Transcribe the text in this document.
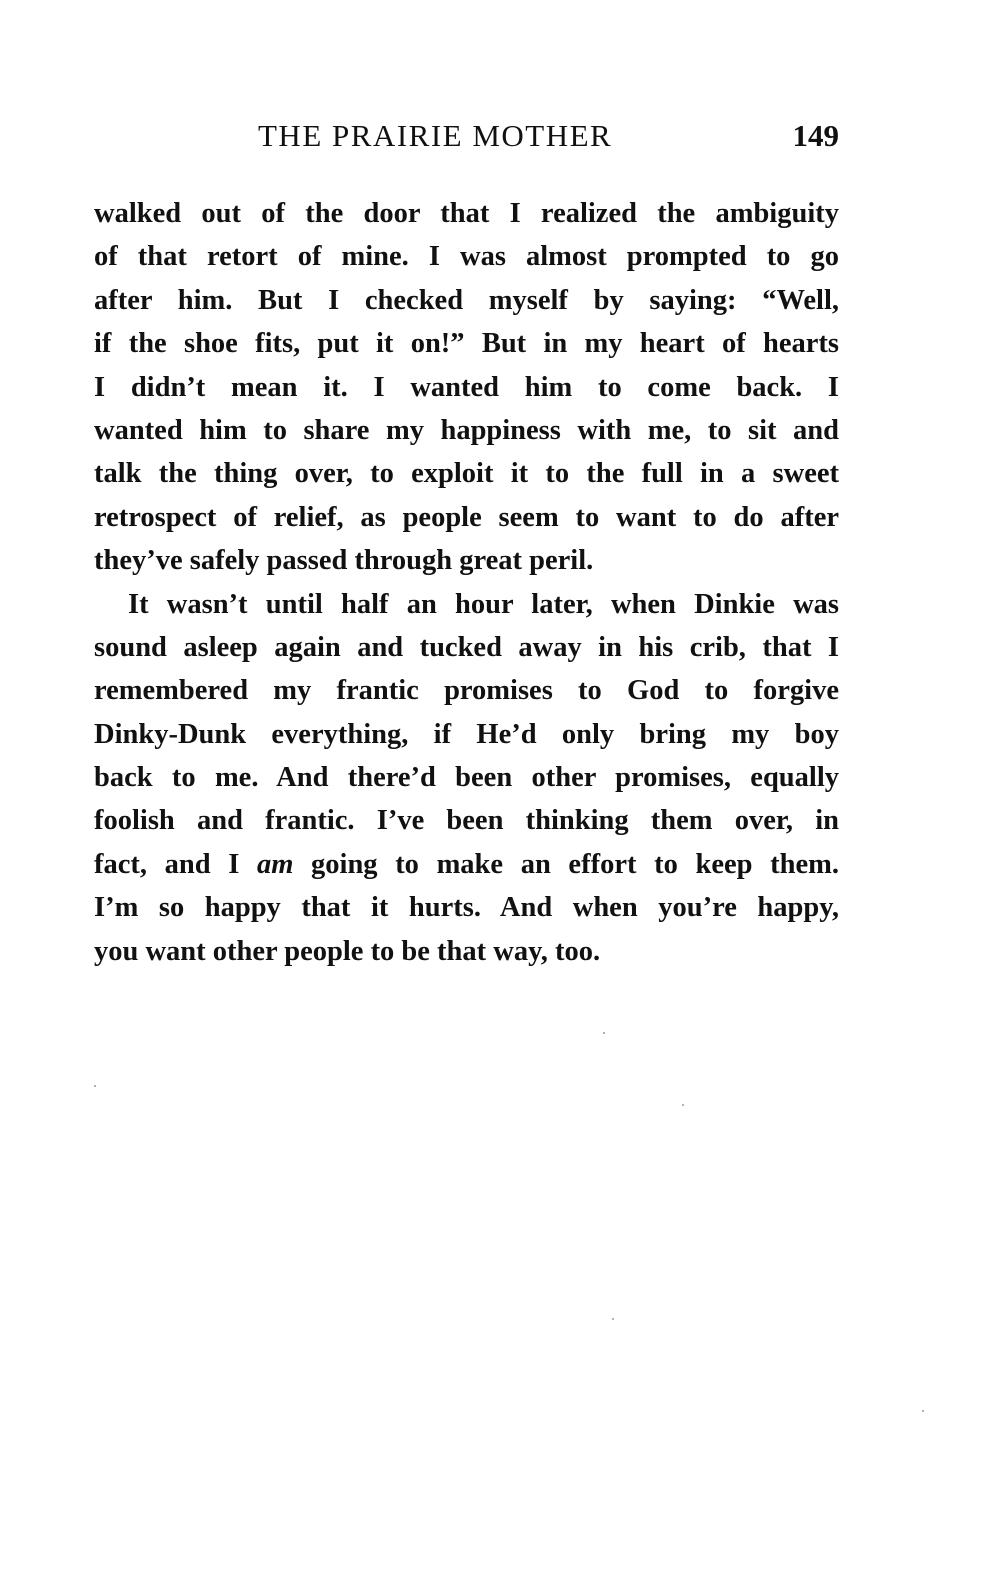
THE PRAIRIE MOTHER	149
walked out of the door that I realized the ambiguity
of that retort of mine. I was almost prompted to go
after him. But I checked myself by saying: “Well,
if the shoe fits, put it on!” But in my heart of hearts
I didn’t mean it. I wanted him to come back. I
wanted him to share my happiness with me, to sit and
talk the thing over, to exploit it to the full in a sweet
retrospect of relief, as people seem to want to do after
they’ve safely passed through great peril.
It wasn’t until half an hour later, when Dinkie was
sound asleep again and tucked away in his crib, that I
remembered my frantic promises to God to forgive
Dinky-Dunk everything, if He’d only bring my boy
back to me. And there’d been other promises, equally
foolish and frantic. I’ve been thinking them over, in
fact, and I am going to make an effort to keep them.
I’m so happy that it hurts. And when you’re happy,
you want other people to be that way, too.
